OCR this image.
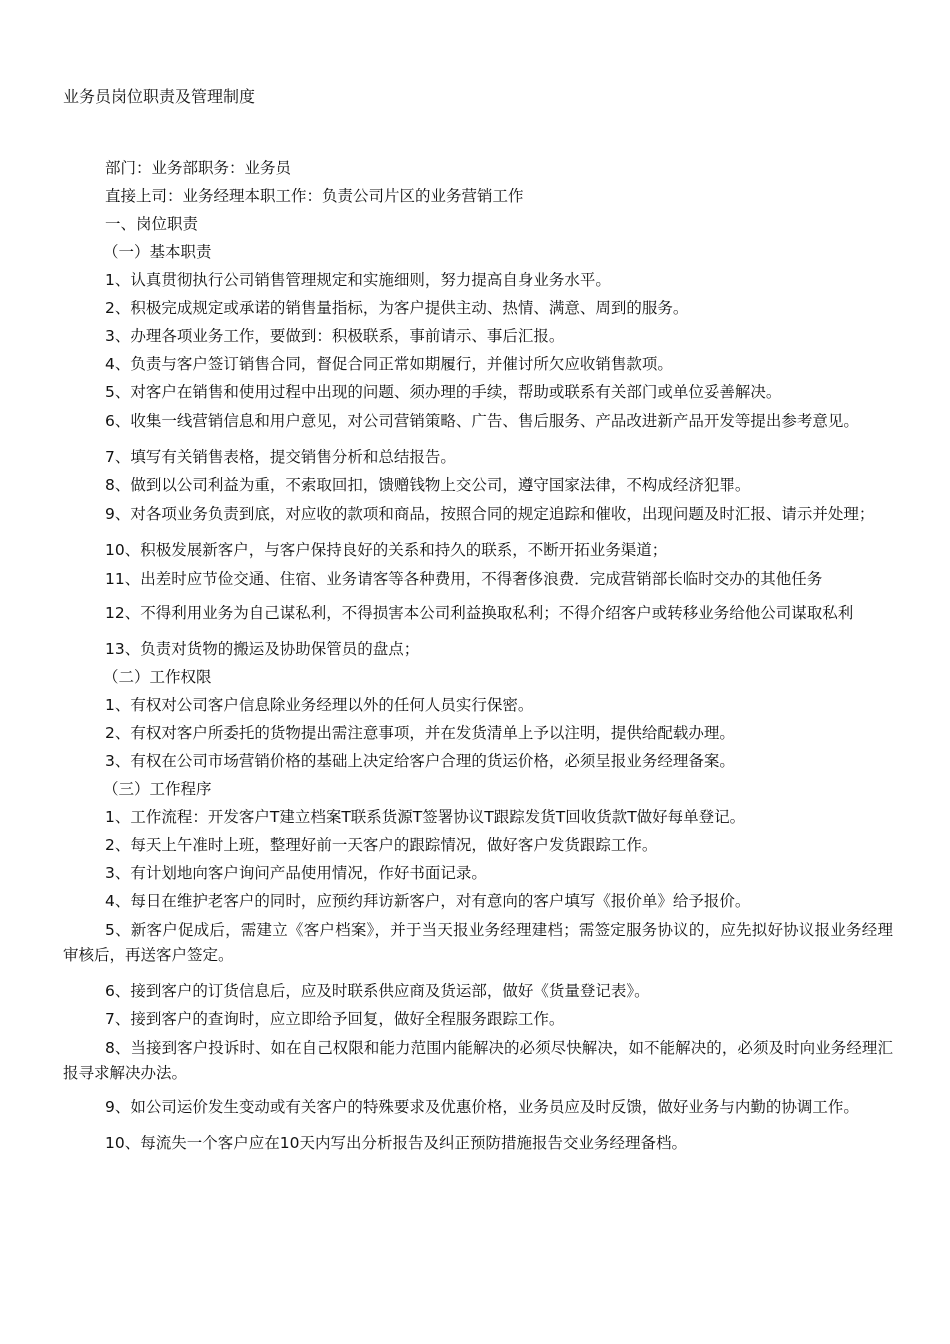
业务员岗位职责及管理制度
部门：业务部职务：业务员
直接上司：业务经理本职工作：负责公司片区的业务营销工作
一、岗位职责
（一）基本职责
1、认真贯彻执行公司销售管理规定和实施细则，努力提高自身业务水平。
2、积极完成规定或承诺的销售量指标，为客户提供主动、热情、满意、周到的服务。
3、办理各项业务工作，要做到：积极联系，事前请示、事后汇报。
4、负责与客户签订销售合同，督促合同正常如期履行，并催讨所欠应收销售款项。
5、对客户在销售和使用过程中出现的问题、须办理的手续，帮助或联系有关部门或单位妥善解决。
6、收集一线营销信息和用户意见，对公司营销策略、广告、售后服务、产品改进新产品开发等提出参考意见。
7、填写有关销售表格，提交销售分析和总结报告。
8、做到以公司利益为重，不索取回扣，馈赠钱物上交公司，遵守国家法律，不构成经济犯罪。
9、对各项业务负责到底，对应收的款项和商品，按照合同的规定追踪和催收，出现问题及时汇报、请示并处理；
10、积极发展新客户，与客户保持良好的关系和持久的联系，不断开拓业务渠道；
11、出差时应节俭交通、住宿、业务请客等各种费用，不得奢侈浪费．完成营销部长临时交办的其他任务
12、不得利用业务为自己谋私利，不得损害本公司利益换取私利；不得介绍客户或转移业务给他公司谋取私利
13、负责对货物的搬运及协助保管员的盘点；
（二）工作权限
1、有权对公司客户信息除业务经理以外的任何人员实行保密。
2、有权对客户所委托的货物提出需注意事项，并在发货清单上予以注明，提供给配载办理。
3、有权在公司市场营销价格的基础上决定给客户合理的货运价格，必须呈报业务经理备案。
（三）工作程序
1、工作流程：开发客户T建立档案T联系货源T签署协议T跟踪发货T回收货款T做好每单登记。
2、每天上午准时上班，整理好前一天客户的跟踪情况，做好客户发货跟踪工作。
3、有计划地向客户询问产品使用情况，作好书面记录。
4、每日在维护老客户的同时，应预约拜访新客户，对有意向的客户填写《报价单》给予报价。
5、新客户促成后，需建立《客户档案》，并于当天报业务经理建档；需签定服务协议的，应先拟好协议报业务经理审核后，再送客户签定。
6、接到客户的订货信息后，应及时联系供应商及货运部，做好《货量登记表》。
7、接到客户的查询时，应立即给予回复，做好全程服务跟踪工作。
8、当接到客户投诉时、如在自己权限和能力范围内能解决的必须尽快解决，如不能解决的，必须及时向业务经理汇报寻求解决办法。
9、如公司运价发生变动或有关客户的特殊要求及优惠价格，业务员应及时反馈，做好业务与内勤的协调工作。
10、每流失一个客户应在10天内写出分析报告及纠正预防措施报告交业务经理备档。
